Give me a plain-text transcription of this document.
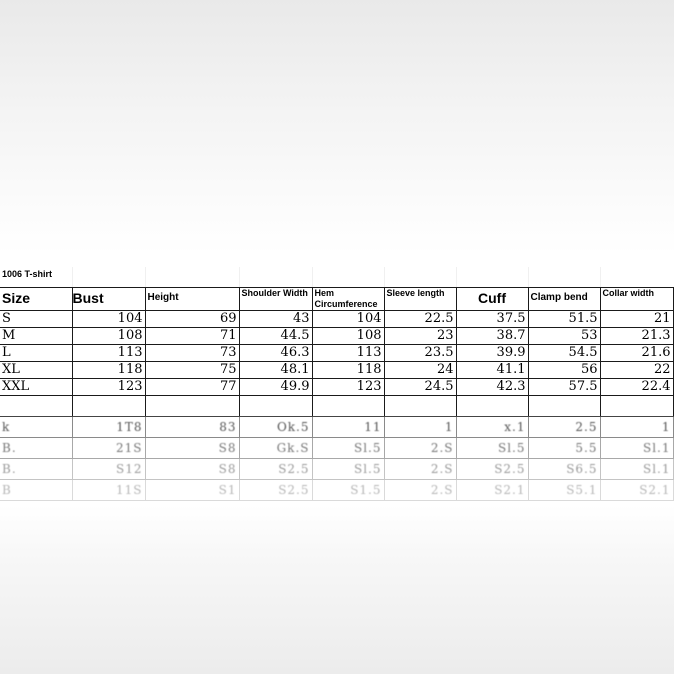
1006 T-shirt
Size	Bust	Height	Shoulder Width	Hem Circumference	Sleeve length	Cuff	Clamp bend	Collar width
S	104	69	43	104	22.5	37.5	51.5	21
M	108	71	44.5	108	23	38.7	53	21.3
L	113	73	46.3	113	23.5	39.9	54.5	21.6
XL	118	75	48.1	118	24	41.1	56	22
XXL	123	77	49.9	123	24.5	42.3	57.5	22.4

k	1T8	83	Ok.5	11	1	x.1	2.5	1
B.	21S	S8	Gk.S	Sl.5	2.S	Sl.5	5.5	Sl.1
B.	S12	S8	S2.5	Sl.5	2.S	S2.5	S6.5	Sl.1
B	11S	S1	S2.5	S1.5	2.S	S2.1	S5.1	S2.1
